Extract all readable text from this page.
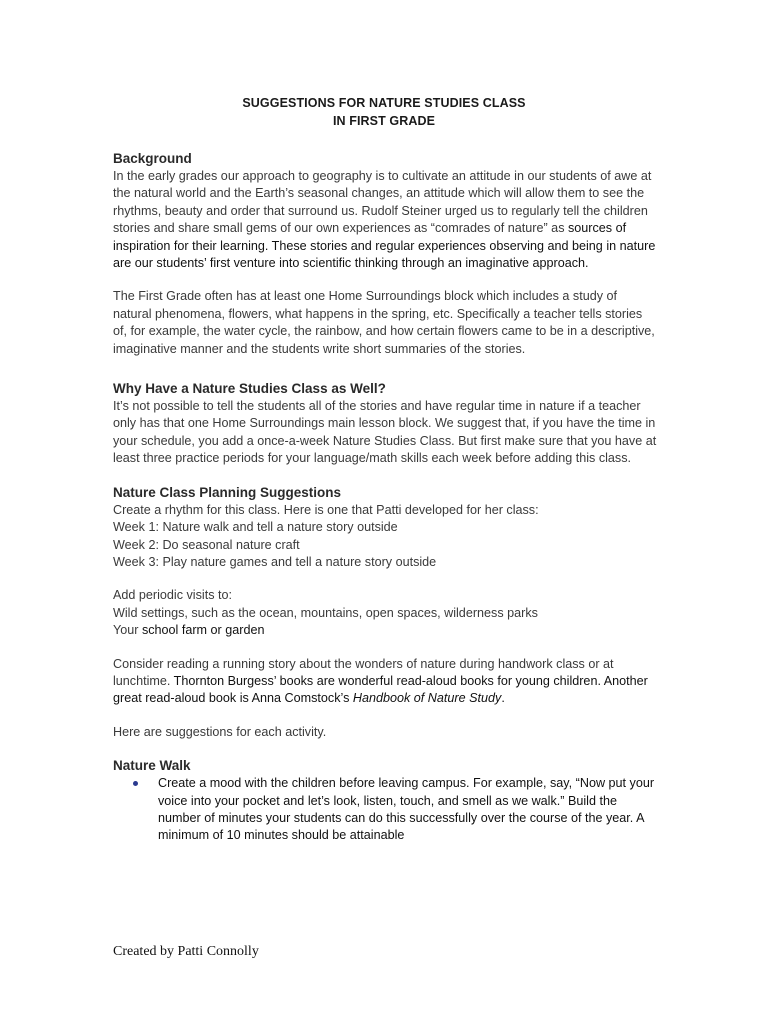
SUGGESTIONS FOR NATURE STUDIES CLASS
IN FIRST GRADE

Background

In the early grades our approach to geography is to cultivate an attitude in our students of awe at the natural world and the Earth’s seasonal changes, an attitude which will allow them to see the rhythms, beauty and order that surround us. Rudolf Steiner urged us to regularly tell the children stories and share small gems of our own experiences as “comrades of nature” as sources of inspiration for their learning. These stories and regular experiences observing and being in nature are our students’ first venture into scientific thinking through an imaginative approach.

The First Grade often has at least one Home Surroundings block which includes a study of natural phenomena, flowers, what happens in the spring, etc. Specifically a teacher tells stories of, for example, the water cycle, the rainbow, and how certain flowers came to be in a descriptive, imaginative manner and the students write short summaries of the stories.

Why Have a Nature Studies Class as Well?

It’s not possible to tell the students all of the stories and have regular time in nature if a teacher only has that one Home Surroundings main lesson block. We suggest that, if you have the time in your schedule, you add a once-a-week Nature Studies Class. But first make sure that you have at least three practice periods for your language/math skills each week before adding this class.

Nature Class Planning Suggestions

Create a rhythm for this class. Here is one that Patti developed for her class:

Week 1: Nature walk and tell a nature story outside
Week 2: Do seasonal nature craft
Week 3: Play nature games and tell a nature story outside
Add periodic visits to:
Wild settings, such as the ocean, mountains, open spaces, wilderness parks
Your school farm or garden

Consider reading a running story about the wonders of nature during handwork class or at lunchtime. Thornton Burgess’ books are wonderful read-aloud books for young children. Another great read-aloud book is Anna Comstock’s Handbook of Nature Study.

Here are suggestions for each activity.

Nature Walk

Create a mood with the children before leaving campus. For example, say, “Now put your voice into your pocket and let’s look, listen, touch, and smell as we walk.” Build the number of minutes your students can do this successfully over the course of the year. A minimum of 10 minutes should be attainable
Created by Patti Connolly
